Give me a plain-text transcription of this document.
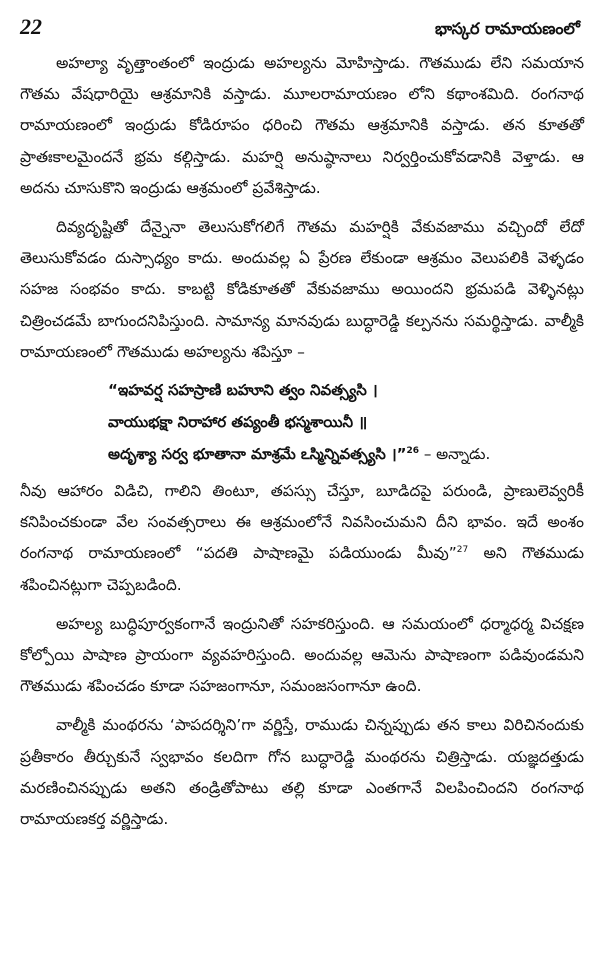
22	భాస్కర రామాయణంలో

అహల్యా వృత్తాంతంలో ఇంద్రుడు అహల్యను మోహిస్తాడు. గౌతముడు లేని సమయాన గౌతమ వేషధారియై ఆశ్రమానికి వస్తాడు. మూలరామాయణం లోని కథాంశమిది. రంగనాథ రామాయణంలో ఇంద్రుడు కోడిరూపం ధరించి గౌతమ ఆశ్రమానికి వస్తాడు. తన కూతతో ప్రాతఃకాలమైందనే భ్రమ కల్గిస్తాడు. మహర్షి అనుష్ఠానాలు నిర్వర్తించుకోవడానికి వెళ్తాడు. ఆ అదను చూసుకొని ఇంద్రుడు ఆశ్రమంలో ప్రవేశిస్తాడు.

దివ్యదృష్టితో దేన్నైనా తెలుసుకోగలిగే గౌతమ మహర్షికి వేకువజాము వచ్చిందో లేదో తెలుసుకోవడం దుస్సాధ్యం కాదు. అందువల్ల ఏ ప్రేరణ లేకుండా ఆశ్రమం వెలుపలికి వెళ్ళడం సహజ సంభవం కాదు. కాబట్టి కోడికూతతో వేకువజాము అయిందని భ్రమపడి వెళ్ళినట్లు చిత్రించడమే బాగుందనిపిస్తుంది. సామాన్య మానవుడు బుద్ధారెడ్డి కల్పనను సమర్థిస్తాడు. వాల్మీకి రామాయణంలో గౌతముడు అహల్యను శపిస్తూ –

“ఇహవర్ష సహస్రాణి బహూని త్వం నివత్స్యసి ।
వాయుభక్షా నిరాహార తప్యంతీ భస్మశాయినీ ॥
అదృశ్యా సర్వ భూతానా మాశ్రమే ఽస్మిన్నివత్స్యసి ।”$^{26}$ – అన్నాడు.

నీవు ఆహారం విడిచి, గాలిని తింటూ, తపస్సు చేస్తూ, బూడిదపై పరుండి, ప్రాణులెవ్వరికీ కనిపించకుండా వేల సంవత్సరాలు ఈ ఆశ్రమంలోనే నివసించుమని దీని భావం. ఇదే అంశం రంగనాథ రామాయణంలో “పదతి పాషాణమై పడియుండు మీవు”$^{27}$ అని గౌతముడు శపించినట్లుగా చెప్పబడింది.

అహల్య బుద్ధిపూర్వకంగానే ఇంద్రునితో సహకరిస్తుంది. ఆ సమయంలో ధర్మాధర్మ విచక్షణ కోల్పోయి పాషాణ ప్రాయంగా వ్యవహరిస్తుంది. అందువల్ల ఆమెను పాషాణంగా పడివుండమని గౌతముడు శపించడం కూడా సహజంగానూ, సమంజసంగానూ ఉంది.

వాల్మీకి మంథరను ‘పాపదర్శిని’గా వర్ణిస్తే, రాముడు చిన్నప్పుడు తన కాలు విరిచినందుకు ప్రతీకారం తీర్చుకునే స్వభావం కలదిగా గోన బుద్ధారెడ్డి మంథరను చిత్రిస్తాడు. యజ్ఞదత్తుడు మరణించినప్పుడు అతని తండ్రితోపాటు తల్లి కూడా ఎంతగానే విలపించిందని రంగనాథ రామాయణకర్త వర్ణిస్తాడు.
